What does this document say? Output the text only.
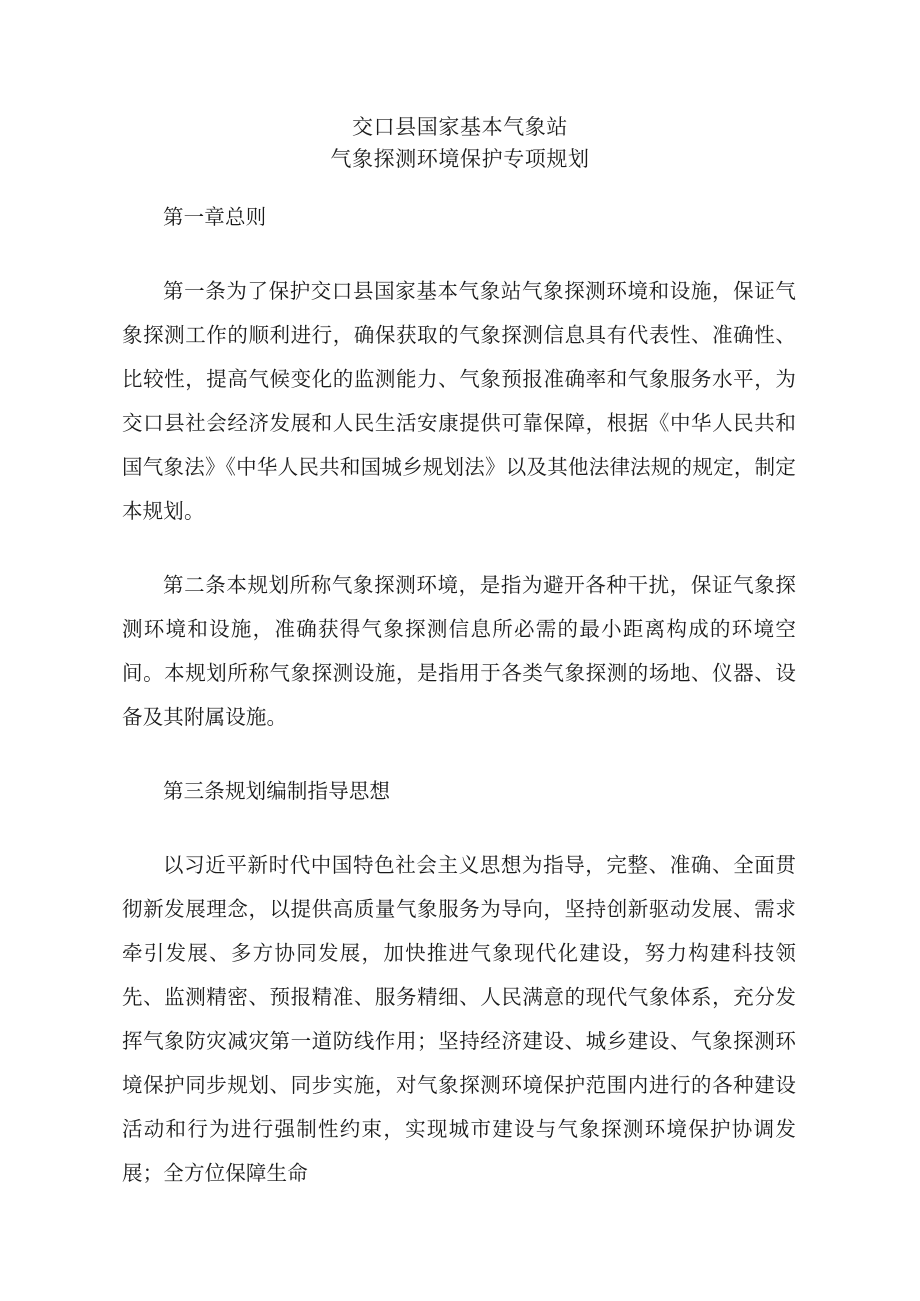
交口县国家基本气象站
气象探测环境保护专项规划

第一章总则

第一条为了保护交口县国家基本气象站气象探测环境和设施，保证气象探测工作的顺利进行，确保获取的气象探测信息具有代表性、准确性、比较性，提高气候变化的监测能力、气象预报准确率和气象服务水平，为交口县社会经济发展和人民生活安康提供可靠保障，根据《中华人民共和国气象法》《中华人民共和国城乡规划法》以及其他法律法规的规定，制定本规划。

第二条本规划所称气象探测环境，是指为避开各种干扰，保证气象探测环境和设施，准确获得气象探测信息所必需的最小距离构成的环境空间。本规划所称气象探测设施，是指用于各类气象探测的场地、仪器、设备及其附属设施。

第三条规划编制指导思想

以习近平新时代中国特色社会主义思想为指导，完整、准确、全面贯彻新发展理念，以提供高质量气象服务为导向，坚持创新驱动发展、需求牵引发展、多方协同发展，加快推进气象现代化建设，努力构建科技领先、监测精密、预报精准、服务精细、人民满意的现代气象体系，充分发挥气象防灾减灾第一道防线作用；坚持经济建设、城乡建设、气象探测环境保护同步规划、同步实施，对气象探测环境保护范围内进行的各种建设活动和行为进行强制性约束，实现城市建设与气象探测环境保护协调发展；全方位保障生命
